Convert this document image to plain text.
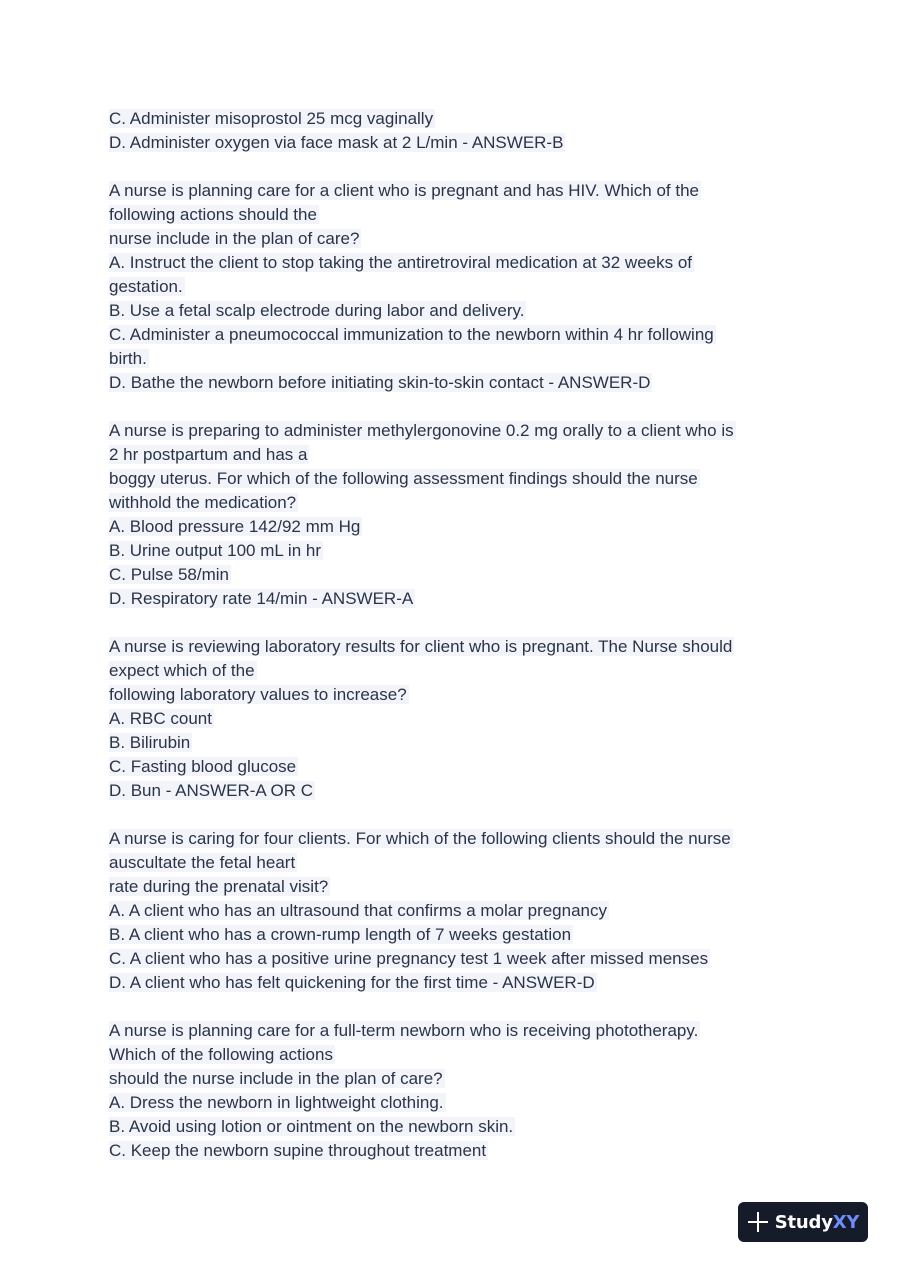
C. Administer misoprostol 25 mcg vaginally
D. Administer oxygen via face mask at 2 L/min - ANSWER-B
A nurse is planning care for a client who is pregnant and has HIV. Which of the
following actions should the
nurse include in the plan of care?
A. Instruct the client to stop taking the antiretroviral medication at 32 weeks of
gestation.
B. Use a fetal scalp electrode during labor and delivery.
C. Administer a pneumococcal immunization to the newborn within 4 hr following
birth.
D. Bathe the newborn before initiating skin-to-skin contact - ANSWER-D
A nurse is preparing to administer methylergonovine 0.2 mg orally to a client who is
2 hr postpartum and has a
boggy uterus. For which of the following assessment findings should the nurse
withhold the medication?
A. Blood pressure 142/92 mm Hg
B. Urine output 100 mL in hr
C. Pulse 58/min
D. Respiratory rate 14/min - ANSWER-A
A nurse is reviewing laboratory results for client who is pregnant. The Nurse should
expect which of the
following laboratory values to increase?
A. RBC count
B. Bilirubin
C. Fasting blood glucose
D. Bun - ANSWER-A OR C
A nurse is caring for four clients. For which of the following clients should the nurse
auscultate the fetal heart
rate during the prenatal visit?
A. A client who has an ultrasound that confirms a molar pregnancy
B. A client who has a crown-rump length of 7 weeks gestation
C. A client who has a positive urine pregnancy test 1 week after missed menses
D. A client who has felt quickening for the first time - ANSWER-D
A nurse is planning care for a full-term newborn who is receiving phototherapy.
Which of the following actions
should the nurse include in the plan of care?
A. Dress the newborn in lightweight clothing.
B. Avoid using lotion or ointment on the newborn skin.
C. Keep the newborn supine throughout treatment
StudyXY
